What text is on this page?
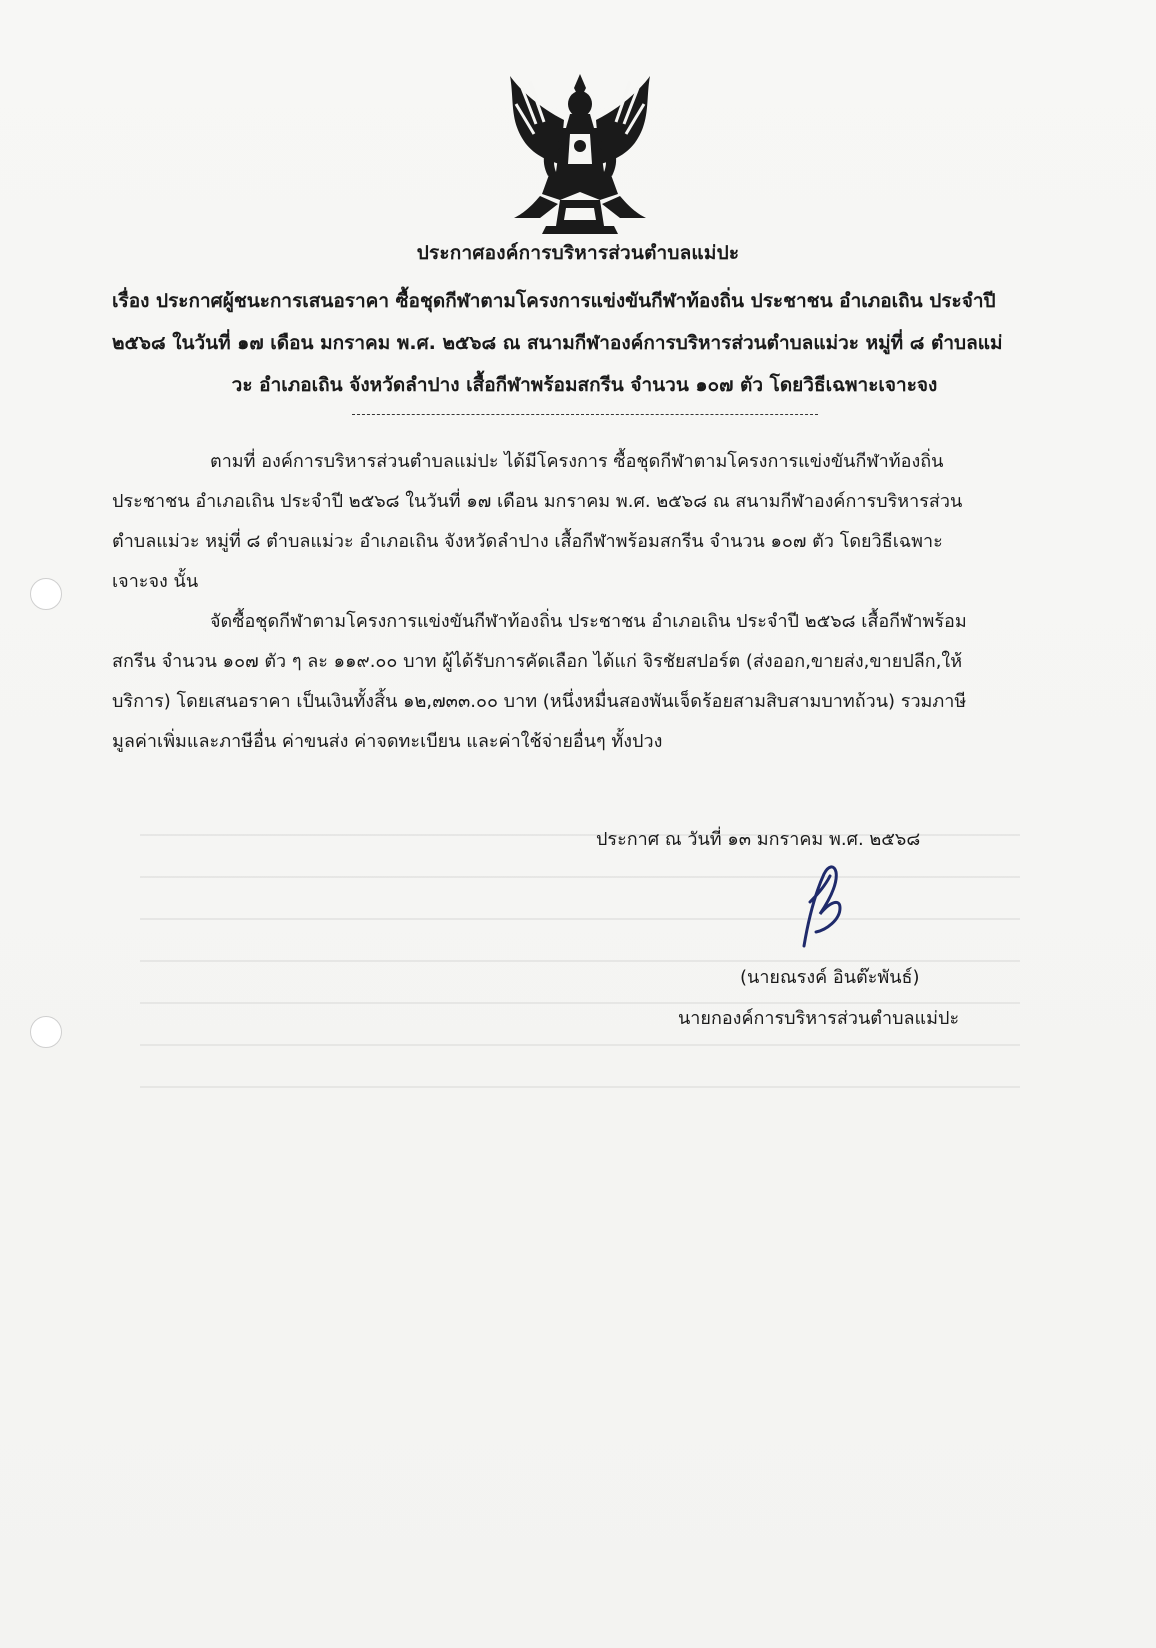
ประกาศองค์การบริหารส่วนตำบลแม่ปะ
เรื่อง ประกาศผู้ชนะการเสนอราคา ซื้อชุดกีฬาตามโครงการแข่งขันกีฬาท้องถิ่น ประชาชน อำเภอเถิน ประจำปี
๒๕๖๘ ในวันที่ ๑๗ เดือน มกราคม พ.ศ. ๒๕๖๘ ณ สนามกีฬาองค์การบริหารส่วนตำบลแม่วะ หมู่ที่ ๘ ตำบลแม่
วะ อำเภอเถิน จังหวัดลำปาง เสื้อกีฬาพร้อมสกรีน จำนวน ๑๐๗ ตัว โดยวิธีเฉพาะเจาะจง
ตามที่ องค์การบริหารส่วนตำบลแม่ปะ ได้มีโครงการ ซื้อชุดกีฬาตามโครงการแข่งขันกีฬาท้องถิ่น
ประชาชน อำเภอเถิน ประจำปี ๒๕๖๘ ในวันที่ ๑๗ เดือน มกราคม พ.ศ. ๒๕๖๘ ณ สนามกีฬาองค์การบริหารส่วน
ตำบลแม่วะ หมู่ที่ ๘ ตำบลแม่วะ อำเภอเถิน จังหวัดลำปาง เสื้อกีฬาพร้อมสกรีน จำนวน ๑๐๗ ตัว โดยวิธีเฉพาะ
เจาะจง นั้น
จัดซื้อชุดกีฬาตามโครงการแข่งขันกีฬาท้องถิ่น ประชาชน อำเภอเถิน ประจำปี ๒๕๖๘ เสื้อกีฬาพร้อม
สกรีน จำนวน ๑๐๗ ตัว ๆ ละ ๑๑๙.๐๐ บาท ผู้ได้รับการคัดเลือก ได้แก่ จิรชัยสปอร์ต (ส่งออก,ขายส่ง,ขายปลีก,ให้
บริการ) โดยเสนอราคา เป็นเงินทั้งสิ้น ๑๒,๗๓๓.๐๐ บาท (หนึ่งหมื่นสองพันเจ็ดร้อยสามสิบสามบาทถ้วน) รวมภาษี
มูลค่าเพิ่มและภาษีอื่น ค่าขนส่ง ค่าจดทะเบียน และค่าใช้จ่ายอื่นๆ ทั้งปวง
ประกาศ ณ วันที่ ๑๓ มกราคม พ.ศ. ๒๕๖๘
(นายณรงค์ อินต๊ะพันธ์)
นายกองค์การบริหารส่วนตำบลแม่ปะ
